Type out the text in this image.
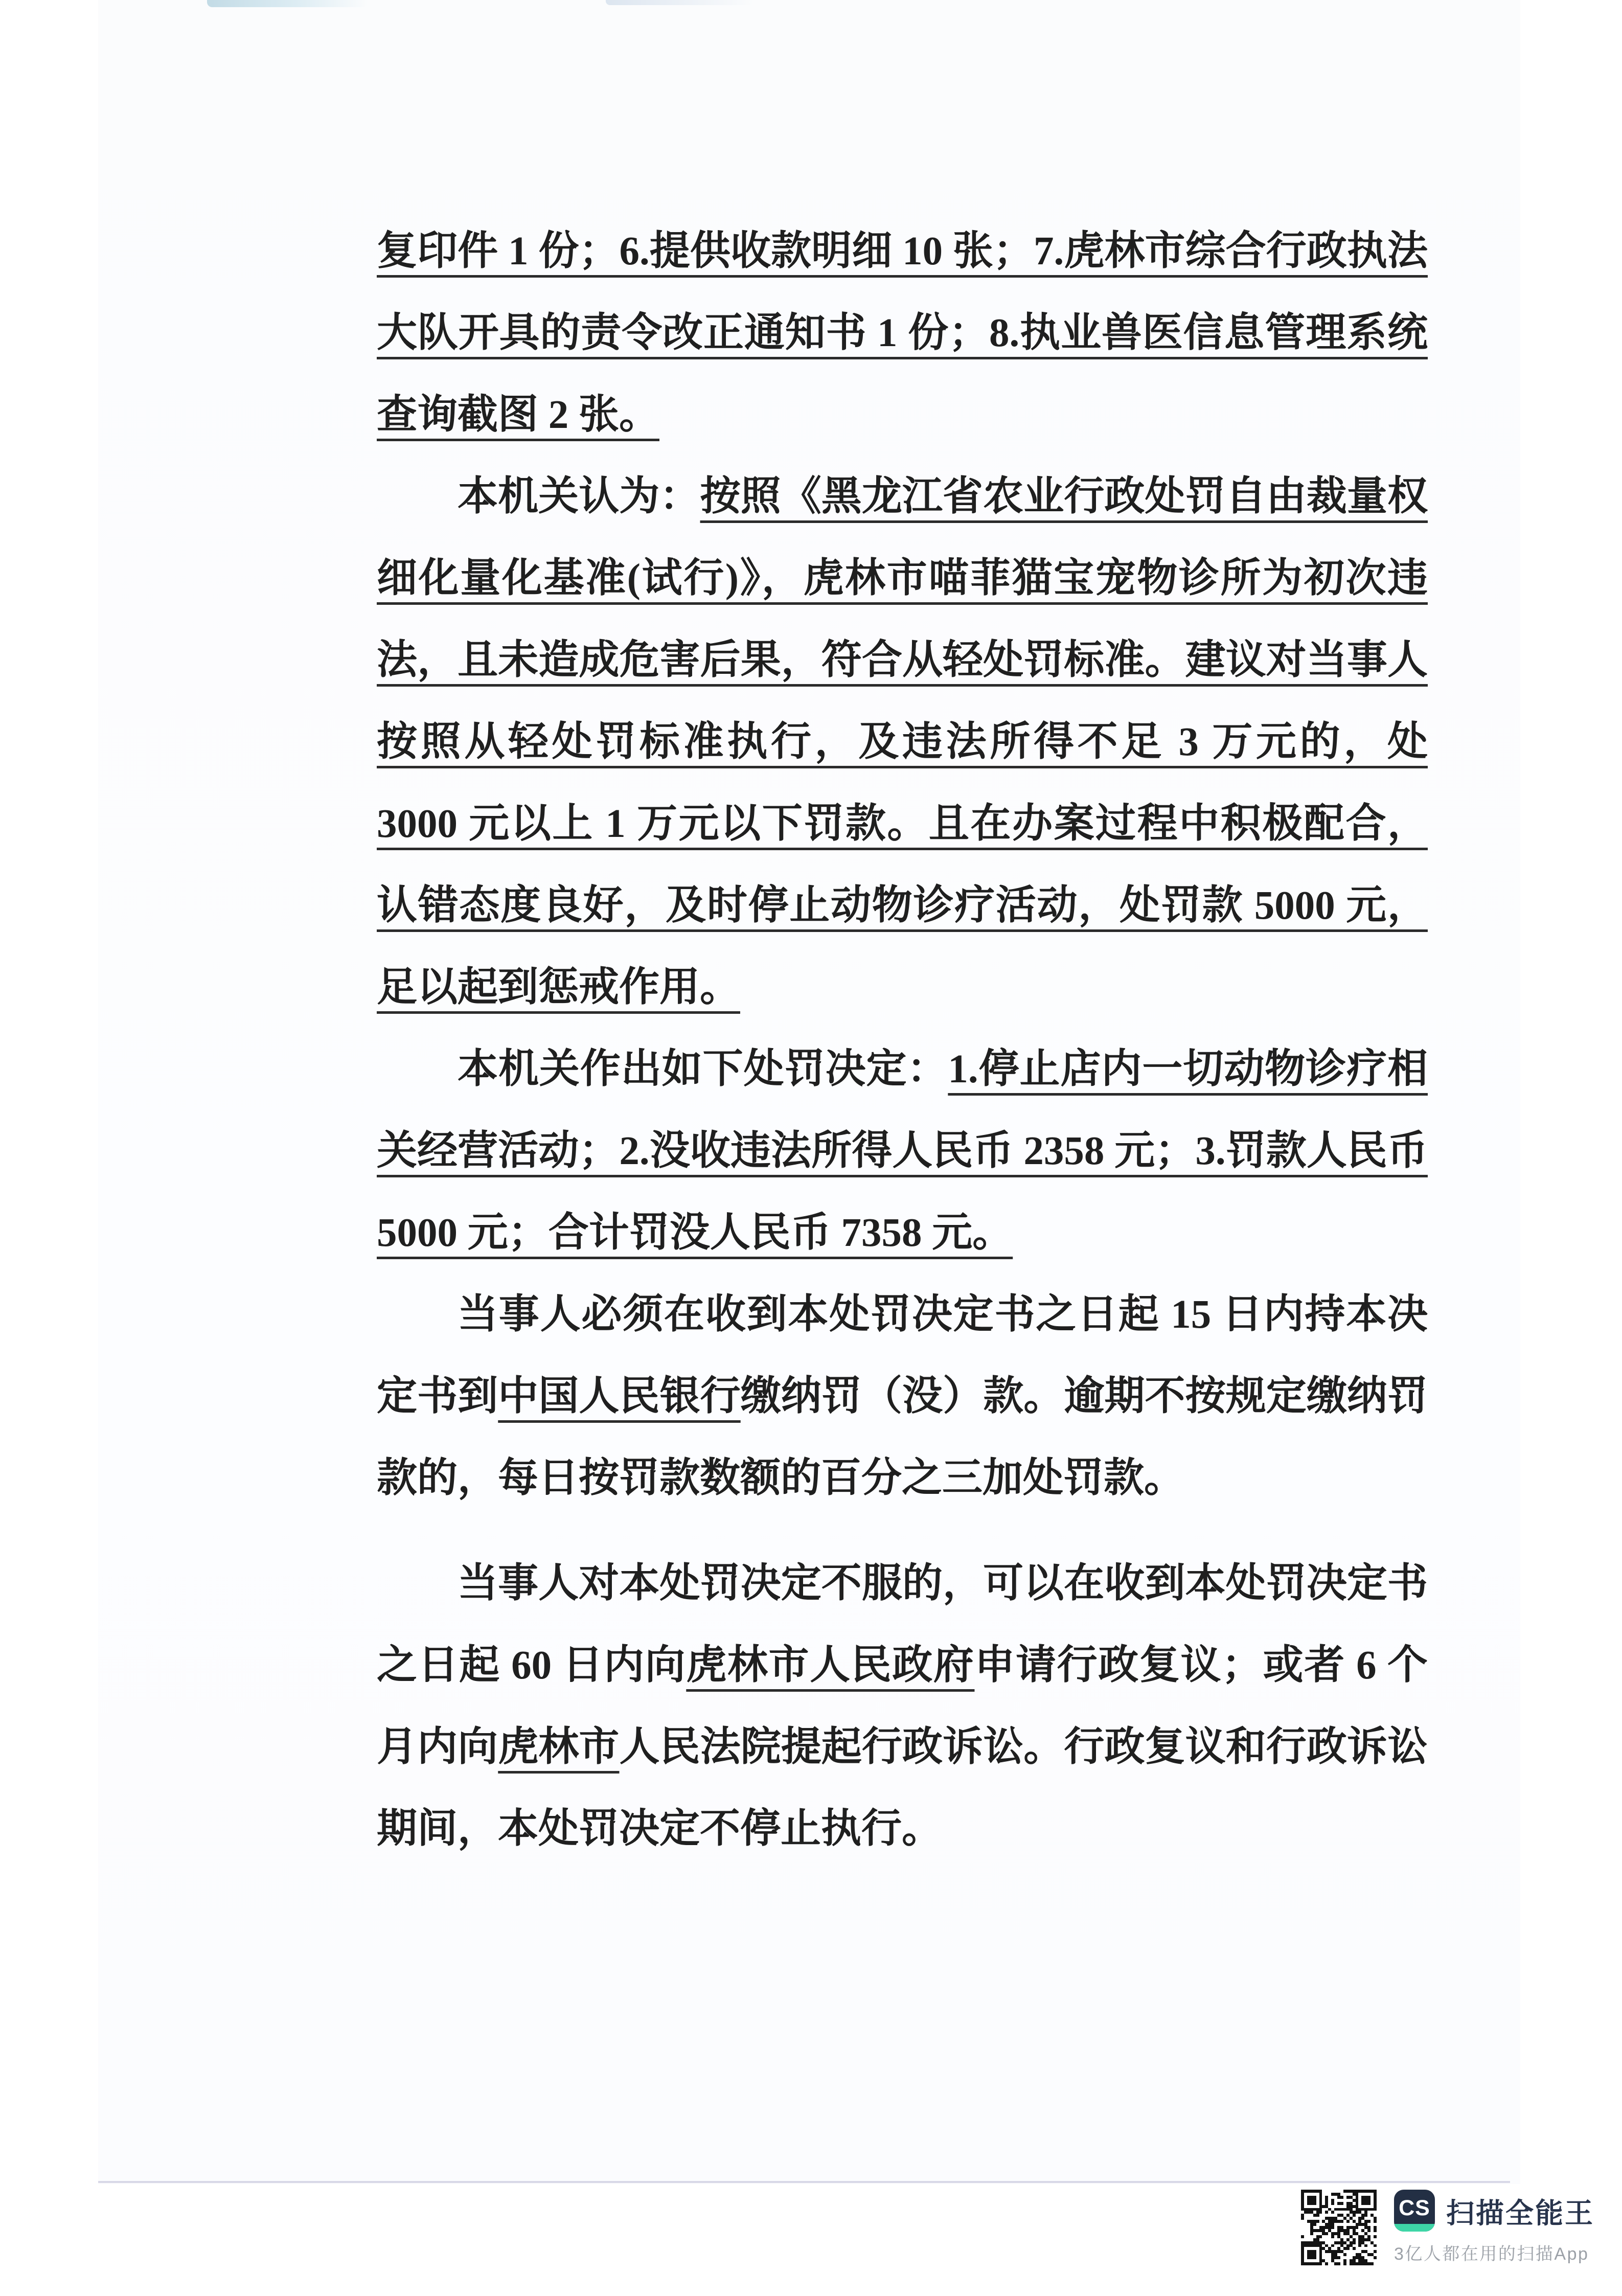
复印件 1 份；6.提供收款明细 10 张；7.虎林市综合行政执法大队开具的责令改正通知书 1 份；8.执业兽医信息管理系统查询截图 2 张。

本机关认为：按照《黑龙江省农业行政处罚自由裁量权细化量化基准(试行)》，虎林市喵菲猫宝宠物诊所为初次违法，且未造成危害后果，符合从轻处罚标准。建议对当事人按照从轻处罚标准执行，及违法所得不足 3 万元的，处 3000 元以上 1 万元以下罚款。且在办案过程中积极配合，认错态度良好，及时停止动物诊疗活动，处罚款 5000 元，足以起到惩戒作用。

本机关作出如下处罚决定：1.停止店内一切动物诊疗相关经营活动；2.没收违法所得人民币 2358 元；3.罚款人民币 5000 元；合计罚没人民币 7358 元。

当事人必须在收到本处罚决定书之日起 15 日内持本决定书到中国人民银行缴纳罚（没）款。逾期不按规定缴纳罚款的，每日按罚款数额的百分之三加处罚款。

当事人对本处罚决定不服的，可以在收到本处罚决定书之日起 60 日内向虎林市人民政府申请行政复议；或者 6 个月内向虎林市人民法院提起行政诉讼。行政复议和行政诉讼期间，本处罚决定不停止执行。

CS 扫描全能王
3亿人都在用的扫描App
